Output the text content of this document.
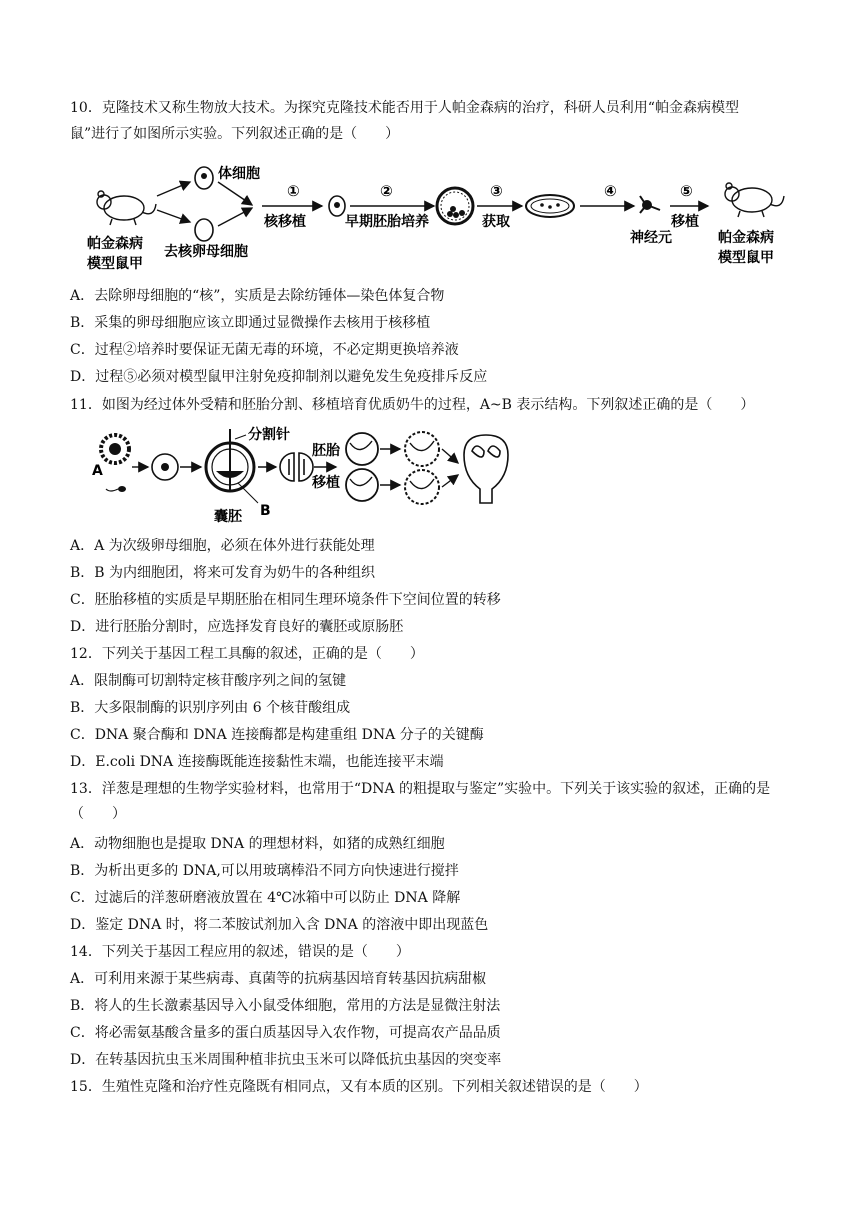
10．克隆技术又称生物放大技术。为探究克隆技术能否用于人帕金森病的治疗，科研人员利用“帕金森病模型
鼠”进行了如图所示实验。下列叙述正确的是（　　）
帕金森病
模型鼠甲
体细胞
去核卵母细胞
①
核移植
②
早期胚胎培养
③
获取
④
神经元
⑤
移植
帕金森病
模型鼠甲
A．去除卵母细胞的“核”，实质是去除纺锤体—染色体复合物
B．采集的卵母细胞应该立即通过显微操作去核用于核移植
C．过程②培养时要保证无菌无毒的环境，不必定期更换培养液
D．过程⑤必须对模型鼠甲注射免疫抑制剂以避免发生免疫排斥反应
11．如图为经过体外受精和胚胎分割、移植培育优质奶牛的过程，A~B 表示结构。下列叙述正确的是（　　）
A
分割针
囊胚 B
胚胎
移植
A．A 为次级卵母细胞，必须在体外进行获能处理
B．B 为内细胞团，将来可发育为奶牛的各种组织
C．胚胎移植的实质是早期胚胎在相同生理环境条件下空间位置的转移
D．进行胚胎分割时，应选择发育良好的囊胚或原肠胚
12．下列关于基因工程工具酶的叙述，正确的是（　　）
A．限制酶可切割特定核苷酸序列之间的氢键
B．大多限制酶的识别序列由 6 个核苷酸组成
C．DNA 聚合酶和 DNA 连接酶都是构建重组 DNA 分子的关键酶
D．E.coli DNA 连接酶既能连接黏性末端，也能连接平末端
13．洋葱是理想的生物学实验材料，也常用于“DNA 的粗提取与鉴定”实验中。下列关于该实验的叙述，正确的是（　　）
A．动物细胞也是提取 DNA 的理想材料，如猪的成熟红细胞
B．为析出更多的 DNA,可以用玻璃棒沿不同方向快速进行搅拌
C．过滤后的洋葱研磨液放置在 4℃冰箱中可以防止 DNA 降解
D．鉴定 DNA 时，将二苯胺试剂加入含 DNA 的溶液中即出现蓝色
14．下列关于基因工程应用的叙述，错误的是（　　）
A．可利用来源于某些病毒、真菌等的抗病基因培育转基因抗病甜椒
B．将人的生长激素基因导入小鼠受体细胞，常用的方法是显微注射法
C．将必需氨基酸含量多的蛋白质基因导入农作物，可提高农产品品质
D．在转基因抗虫玉米周围种植非抗虫玉米可以降低抗虫基因的突变率
15．生殖性克隆和治疗性克隆既有相同点，又有本质的区别。下列相关叙述错误的是（　　）
